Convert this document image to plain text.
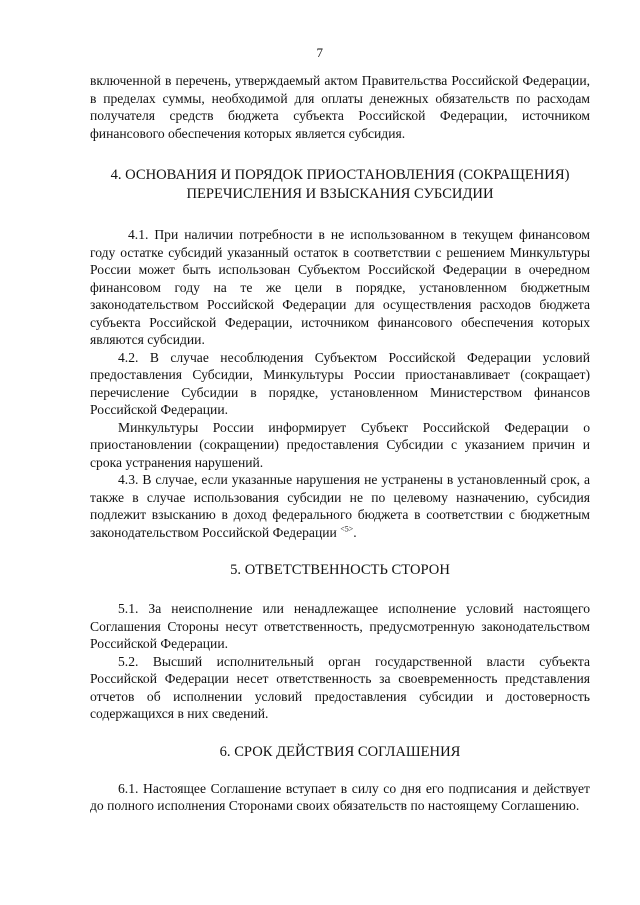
7

включенной в перечень, утверждаемый актом Правительства Российской Федерации, в пределах суммы, необходимой для оплаты денежных обязательств по расходам получателя средств бюджета субъекта Российской Федерации, источником финансового обеспечения которых является субсидия.

4. ОСНОВАНИЯ И ПОРЯДОК ПРИОСТАНОВЛЕНИЯ (СОКРАЩЕНИЯ)

ПЕРЕЧИСЛЕНИЯ И ВЗЫСКАНИЯ СУБСИДИИ

4.1. При наличии потребности в не использованном в текущем финансовом году остатке субсидий указанный остаток в соответствии с решением Минкультуры России может быть использован Субъектом Российской Федерации в очередном финансовом году на те же цели в порядке, установленном бюджетным законодательством Российской Федерации для осуществления расходов бюджета субъекта Российской Федерации, источником финансового обеспечения которых являются субсидии.

4.2. В случае несоблюдения Субъектом Российской Федерации условий предоставления Субсидии, Минкультуры России приостанавливает (сокращает) перечисление Субсидии в порядке, установленном Министерством финансов Российской Федерации.

Минкультуры России информирует Субъект Российской Федерации о приостановлении (сокращении) предоставления Субсидии с указанием причин и срока устранения нарушений.

4.3. В случае, если указанные нарушения не устранены в установленный срок, а также в случае использования субсидии не по целевому назначению, субсидия подлежит взысканию в доход федерального бюджета в соответствии с бюджетным законодательством Российской Федерации $^{<5>}$.

5. ОТВЕТСТВЕННОСТЬ СТОРОН

5.1. За неисполнение или ненадлежащее исполнение условий настоящего Соглашения Стороны несут ответственность, предусмотренную законодательством Российской Федерации.

5.2. Высший исполнительный орган государственной власти субъекта Российской Федерации несет ответственность за своевременность представления отчетов об исполнении условий предоставления субсидии и достоверность содержащихся в них сведений.

6. СРОК ДЕЙСТВИЯ СОГЛАШЕНИЯ

6.1. Настоящее Соглашение вступает в силу со дня его подписания и действует до полного исполнения Сторонами своих обязательств по настоящему Соглашению.
